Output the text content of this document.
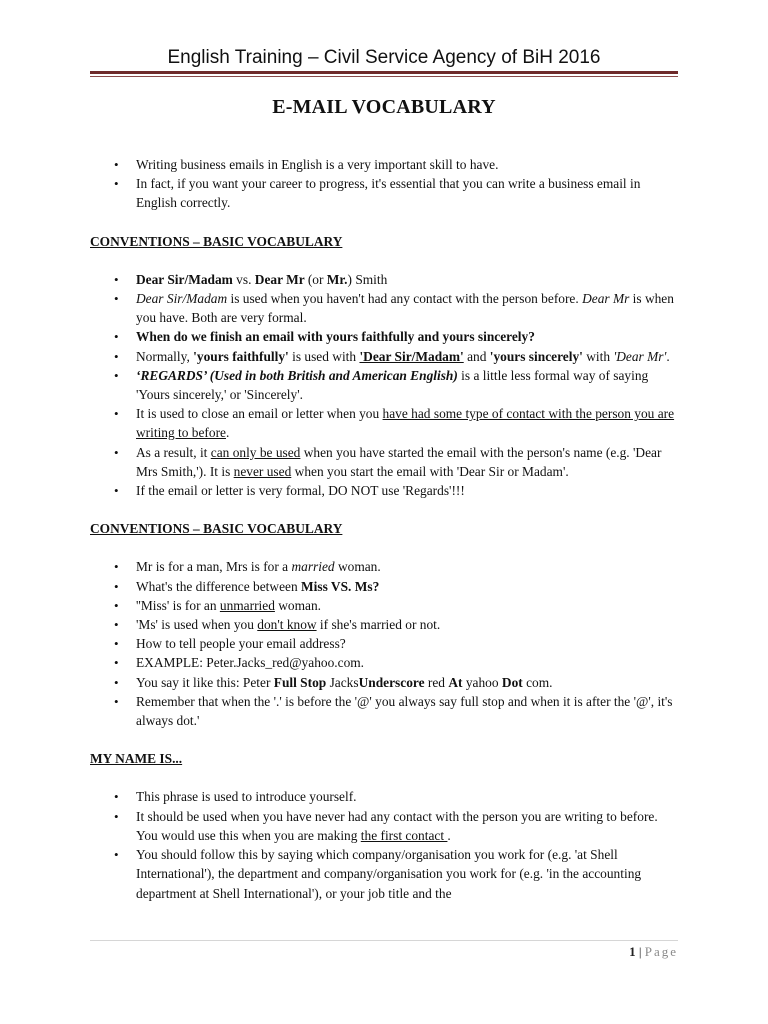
English Training – Civil Service Agency of BiH 2016
E-MAIL VOCABULARY
• Writing business emails in English is a very important skill to have.
• In fact, if you want your career to progress, it's essential that you can write a business email in English correctly.
CONVENTIONS – BASIC VOCABULARY
• Dear Sir/Madam vs. Dear Mr (or Mr.) Smith
• Dear Sir/Madam is used when you haven't had any contact with the person before. Dear Mr is when you have. Both are very formal.
• When do we finish an email with yours faithfully and yours sincerely?
• Normally, 'yours faithfully' is used with 'Dear Sir/Madam' and 'yours sincerely' with 'Dear Mr'.
• ‘REGARDS’ (Used in both British and American English) is a little less formal way of saying 'Yours sincerely,' or 'Sincerely'.
• It is used to close an email or letter when you have had some type of contact with the person you are writing to before.
• As a result, it can only be used when you have started the email with the person's name (e.g. 'Dear Mrs Smith,'). It is never used when you start the email with 'Dear Sir or Madam'.
• If the email or letter is very formal, DO NOT use 'Regards'!!!
CONVENTIONS – BASIC VOCABULARY
• Mr is for a man, Mrs is for a married woman.
• What's the difference between Miss VS. Ms?
• ''Miss' is for an unmarried woman.
• 'Ms' is used when you don't know if she's married or not.
• How to tell people your email address?
• EXAMPLE: Peter.Jacks_red@yahoo.com.
• You say it like this: Peter Full Stop JacksUnderscore red At yahoo Dot com.
• Remember that when the '.' is before the '@' you always say full stop and when it is after the '@', it's always dot.'
MY NAME IS...
• This phrase is used to introduce yourself.
• It should be used when you have never had any contact with the person you are writing to before. You would use this when you are making the first contact .
• You should follow this by saying which company/organisation you work for (e.g. 'at Shell International'), the department and company/organisation you work for (e.g. 'in the accounting department at Shell International'), or your job title and the
1 | Page
